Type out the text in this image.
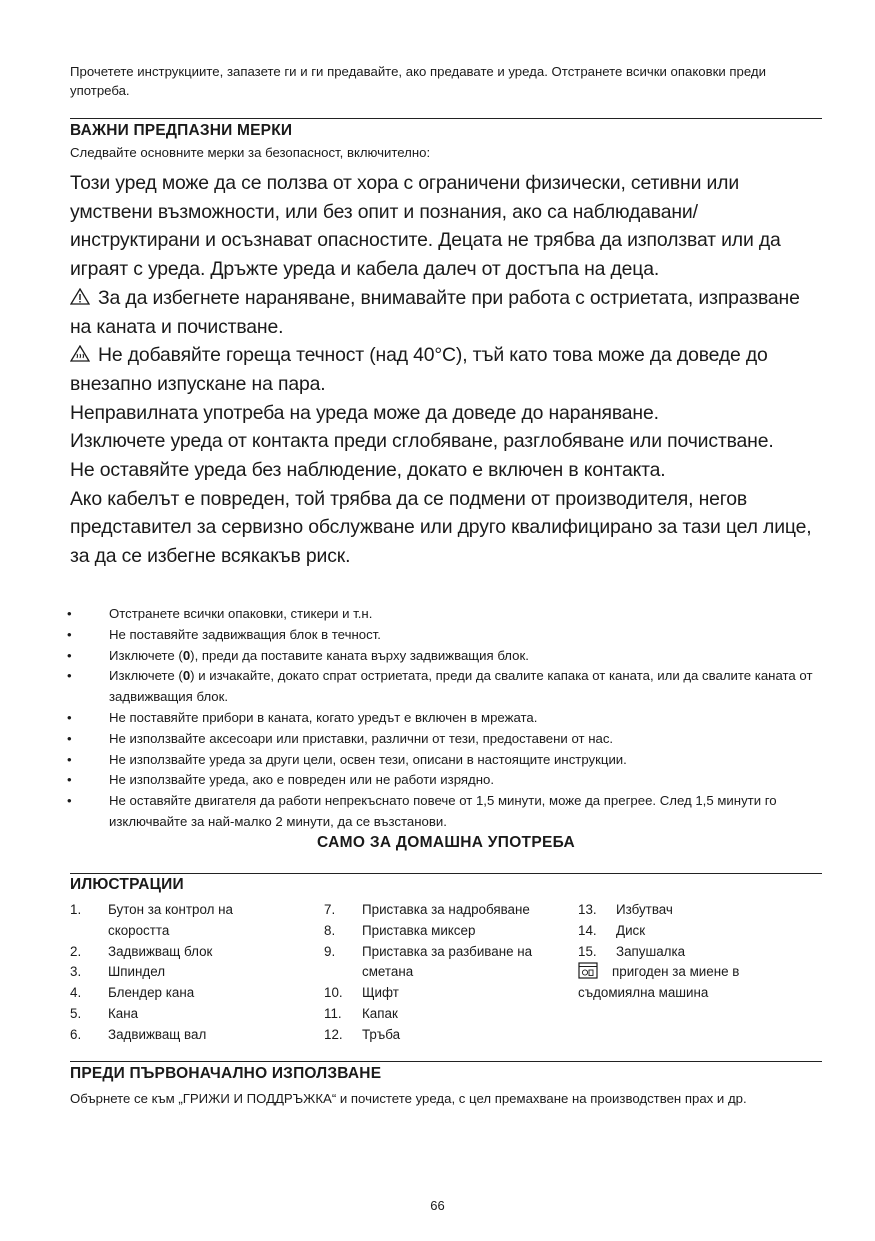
Прочетете инструкциите, запазете ги и ги предавайте, ако предавате и уреда. Отстранете всички опаковки преди употреба.
ВАЖНИ ПРЕДПАЗНИ МЕРКИ
Следвайте основните мерки за безопасност, включително:

Този уред може да се ползва от хора с ограничени физически, сетивни или умствени възможности, или без опит и познания, ако са наблюдавани/инструктирани и осъзнават опасностите. Децата не трябва да използват или да играят с уреда. Дръжте уреда и кабела далеч от достъпа на деца.

За да избегнете нараняване, внимавайте при работа с остриетата, изпразване на каната и почистване.

Не добавяйте гореща течност (над 40°C), тъй като това може да доведе до внезапно изпускане на пара.

Неправилната употреба на уреда може да доведе до нараняване.

Изключете уреда от контакта преди сглобяване, разглобяване или почистване.

Не оставяйте уреда без наблюдение, докато е включен в контакта.

Ако кабелът е повреден, той трябва да се подмени от производителя, негов представител за сервизно обслужване или друго квалифицирано за тази цел лице, за да се избегне всякакъв риск.

• Отстранете всички опаковки, стикери и т.н.
• Не поставяйте задвижващия блок в течност.
• Изключете (0), преди да поставите каната върху задвижващия блок.
• Изключете (0) и изчакайте, докато спрат остриетата, преди да свалите капака от каната, или да свалите каната от задвижващия блок.
• Не поставяйте прибори в каната, когато уредът е включен в мрежата.
• Не използвайте аксесоари или приставки, различни от тези, предоставени от нас.
• Не използвайте уреда за други цели, освен тези, описани в настоящите инструкции.
• Не използвайте уреда, ако е повреден или не работи изрядно.
• Не оставяйте двигателя да работи непрекъснато повече от 1,5 минути, може да прегрее. След 1,5 минути го изключвайте за най-малко 2 минути, да се възстанови.
САМО ЗА ДОМАШНА УПОТРЕБА
ИЛЮСТРАЦИИ
1. Бутон за контрол на скоростта
2. Задвижващ блок
3. Шпиндел
4. Блендер кана
5. Кана
6. Задвижващ вал
7. Приставка за надробяване
8. Приставка миксер
9. Приставка за разбиване на сметана
10. Щифт
11. Капак
12. Тръба
13. Избутвач
14. Диск
15. Запушалка
пригоден за миене в съдомиялна машина
ПРЕДИ ПЪРВОНАЧАЛНО ИЗПОЛЗВАНЕ
Обърнете се към „ГРИЖИ И ПОДДРЪЖКА“ и почистете уреда, с цел премахване на производствен прах и др.
66
